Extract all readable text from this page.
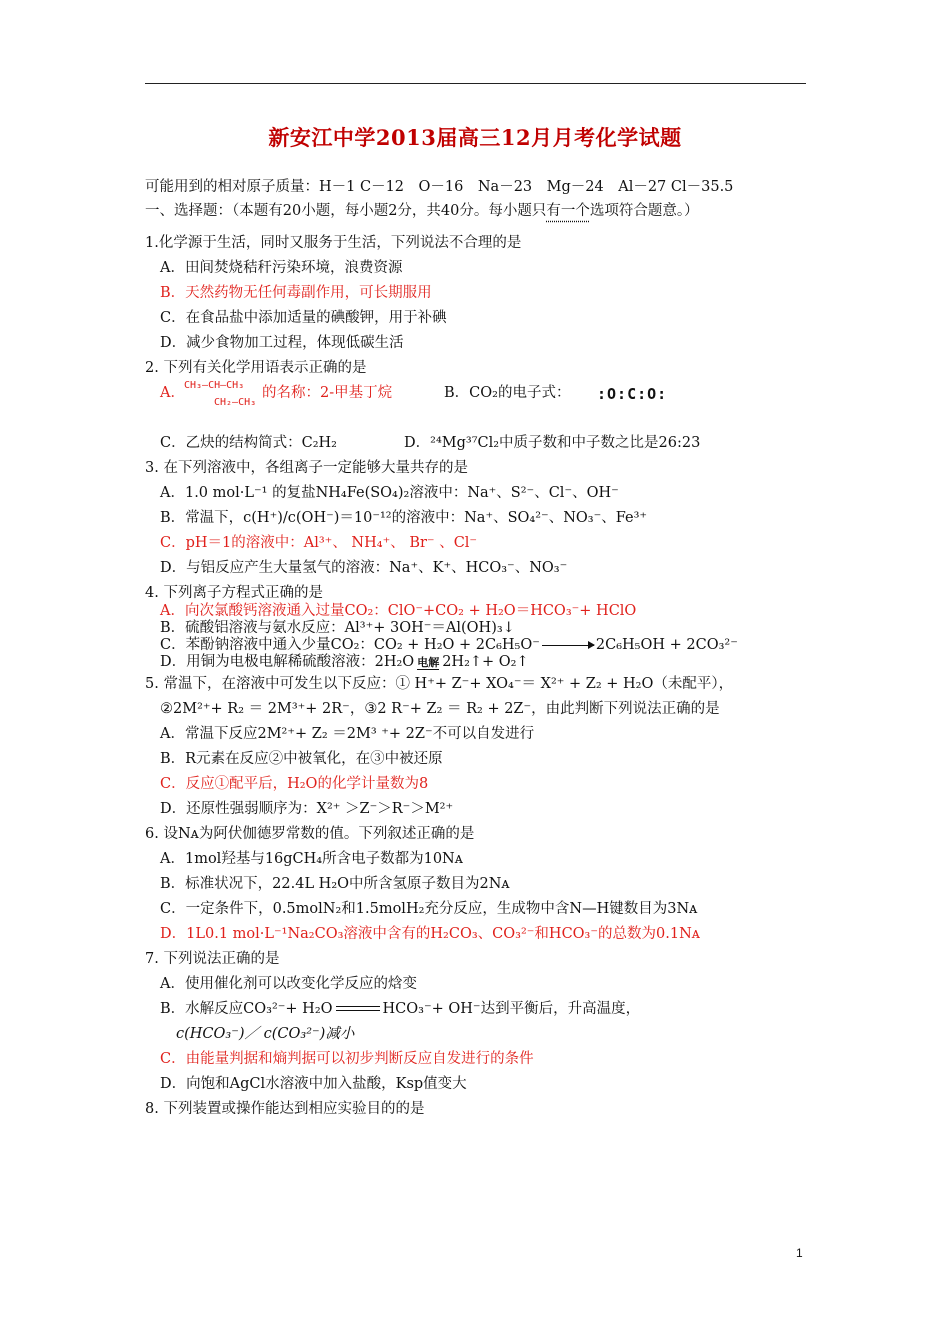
新安江中学2013届高三12月月考化学试题
可能用到的相对原子质量：H－1 C－12　O－16　Na－23　Mg－24　Al－27 Cl－35.5
一、选择题：（本题有20小题，每小题2分，共40分。每小题只有一个选项符合题意。）
1.化学源于生活，同时又服务于生活，下列说法不合理的是
A．田间焚烧秸秆污染环境，浪费资源
B．天然药物无任何毒副作用，可长期服用
C．在食品盐中添加适量的碘酸钾，用于补碘
D．减少食物加工过程，体现低碳生活
2. 下列有关化学用语表示正确的是
A． CH₃—CH—CH₃
CH₂—CH₃
的名称：2-甲基丁烷	B．CO₂的电子式： :O:C:O:
C．乙炔的结构简式：C₂H₂	D．²⁴Mg³⁷Cl₂中质子数和中子数之比是26:23
3. 在下列溶液中，各组离子一定能够大量共存的是
A．1.0 mol·L⁻¹ 的复盐NH₄Fe(SO₄)₂溶液中：Na⁺、S²⁻、Cl⁻、OH⁻
B．常温下，c(H⁺)/c(OH⁻)＝10⁻¹²的溶液中：Na⁺、SO₄²⁻、NO₃⁻、Fe³⁺
C．pH＝1的溶液中：Al³⁺、 NH₄⁺、 Br⁻ 、Cl⁻
D．与铝反应产生大量氢气的溶液：Na⁺、K⁺、HCO₃⁻、NO₃⁻
4. 下列离子方程式正确的是
A．向次氯酸钙溶液通入过量CO₂：ClO⁻+CO₂ + H₂O＝HCO₃⁻+ HClO
B．硫酸铝溶液与氨水反应：Al³⁺+ 3OH⁻＝Al(OH)₃↓
C．苯酚钠溶液中通入少量CO₂：CO₂ + H₂O + 2C₆H₅O⁻ → 2C₆H₅OH + 2CO₃²⁻
D．用铜为电极电解稀硫酸溶液：2H₂O 电解 2H₂↑+ O₂↑
5. 常温下，在溶液中可发生以下反应：① H⁺+ Z⁻+ XO₄⁻＝ X²⁺ + Z₂ + H₂O（未配平），
②2M²⁺+ R₂ ＝ 2M³⁺+ 2R⁻，③2 R⁻+ Z₂ ＝ R₂ + 2Z⁻，由此判断下列说法正确的是
A．常温下反应2M²⁺+ Z₂ ＝2M³ ⁺+ 2Z⁻不可以自发进行
B．R元素在反应②中被氧化，在③中被还原
C．反应①配平后，H₂O的化学计量数为8
D．还原性强弱顺序为：X²⁺ ＞Z⁻＞R⁻＞M²⁺
6. 设Nᴀ为阿伏伽德罗常数的值。下列叙述正确的是
A．1mol羟基与16gCH₄所含电子数都为10Nᴀ
B．标准状况下，22.4L H₂O中所含氢原子数目为2Nᴀ
C．一定条件下，0.5molN₂和1.5molH₂充分反应，生成物中含N—H键数目为3Nᴀ
D．1L0.1 mol·L⁻¹Na₂CO₃溶液中含有的H₂CO₃、CO₃²⁻和HCO₃⁻的总数为0.1Nᴀ
7. 下列说法正确的是
A．使用催化剂可以改变化学反应的焓变
B．水解反应CO₃²⁻+ H₂O	HCO₃⁻+ OH⁻达到平衡后，升高温度，
c(HCO₃⁻)／ c(CO₃²⁻)减小
C．由能量判据和熵判据可以初步判断反应自发进行的条件
D．向饱和AgCl水溶液中加入盐酸，Ksp值变大
8. 下列装置或操作能达到相应实验目的的是
1
